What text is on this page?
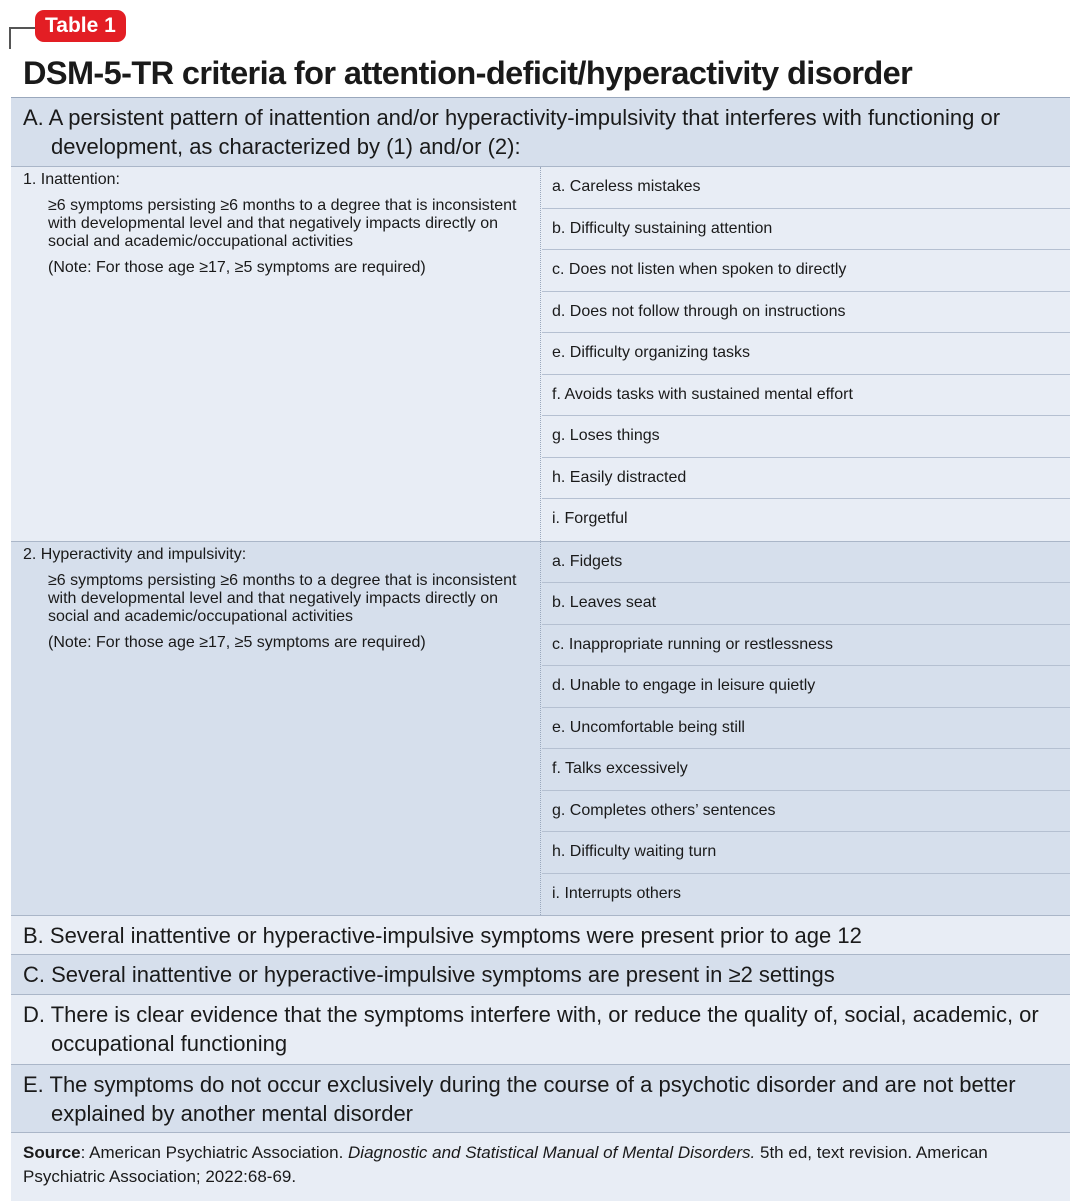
Table 1
DSM-5-TR criteria for attention-deficit/hyperactivity disorder
A. A persistent pattern of inattention and/or hyperactivity-impulsivity that interferes with functioning or development, as characterized by (1) and/or (2):

1. Inattention:

≥6 symptoms persisting ≥6 months to a degree that is inconsistent with developmental level and that negatively impacts directly on social and academic/occupational activities

(Note: For those age ≥17, ≥5 symptoms are required)

a. Careless mistakes
b. Difficulty sustaining attention
c. Does not listen when spoken to directly
d. Does not follow through on instructions
e. Difficulty organizing tasks
f. Avoids tasks with sustained mental effort
g. Loses things
h. Easily distracted
i. Forgetful

2. Hyperactivity and impulsivity:

≥6 symptoms persisting ≥6 months to a degree that is inconsistent with developmental level and that negatively impacts directly on social and academic/occupational activities

(Note: For those age ≥17, ≥5 symptoms are required)

a. Fidgets
b. Leaves seat
c. Inappropriate running or restlessness
d. Unable to engage in leisure quietly
e. Uncomfortable being still
f. Talks excessively
g. Completes others’ sentences
h. Difficulty waiting turn
i. Interrupts others
B. Several inattentive or hyperactive-impulsive symptoms were present prior to age 12
C. Several inattentive or hyperactive-impulsive symptoms are present in ≥2 settings
D. There is clear evidence that the symptoms interfere with, or reduce the quality of, social, academic, or occupational functioning
E. The symptoms do not occur exclusively during the course of a psychotic disorder and are not better explained by another mental disorder
Source: American Psychiatric Association. Diagnostic and Statistical Manual of Mental Disorders. 5th ed, text revision. American Psychiatric Association; 2022:68-69.
